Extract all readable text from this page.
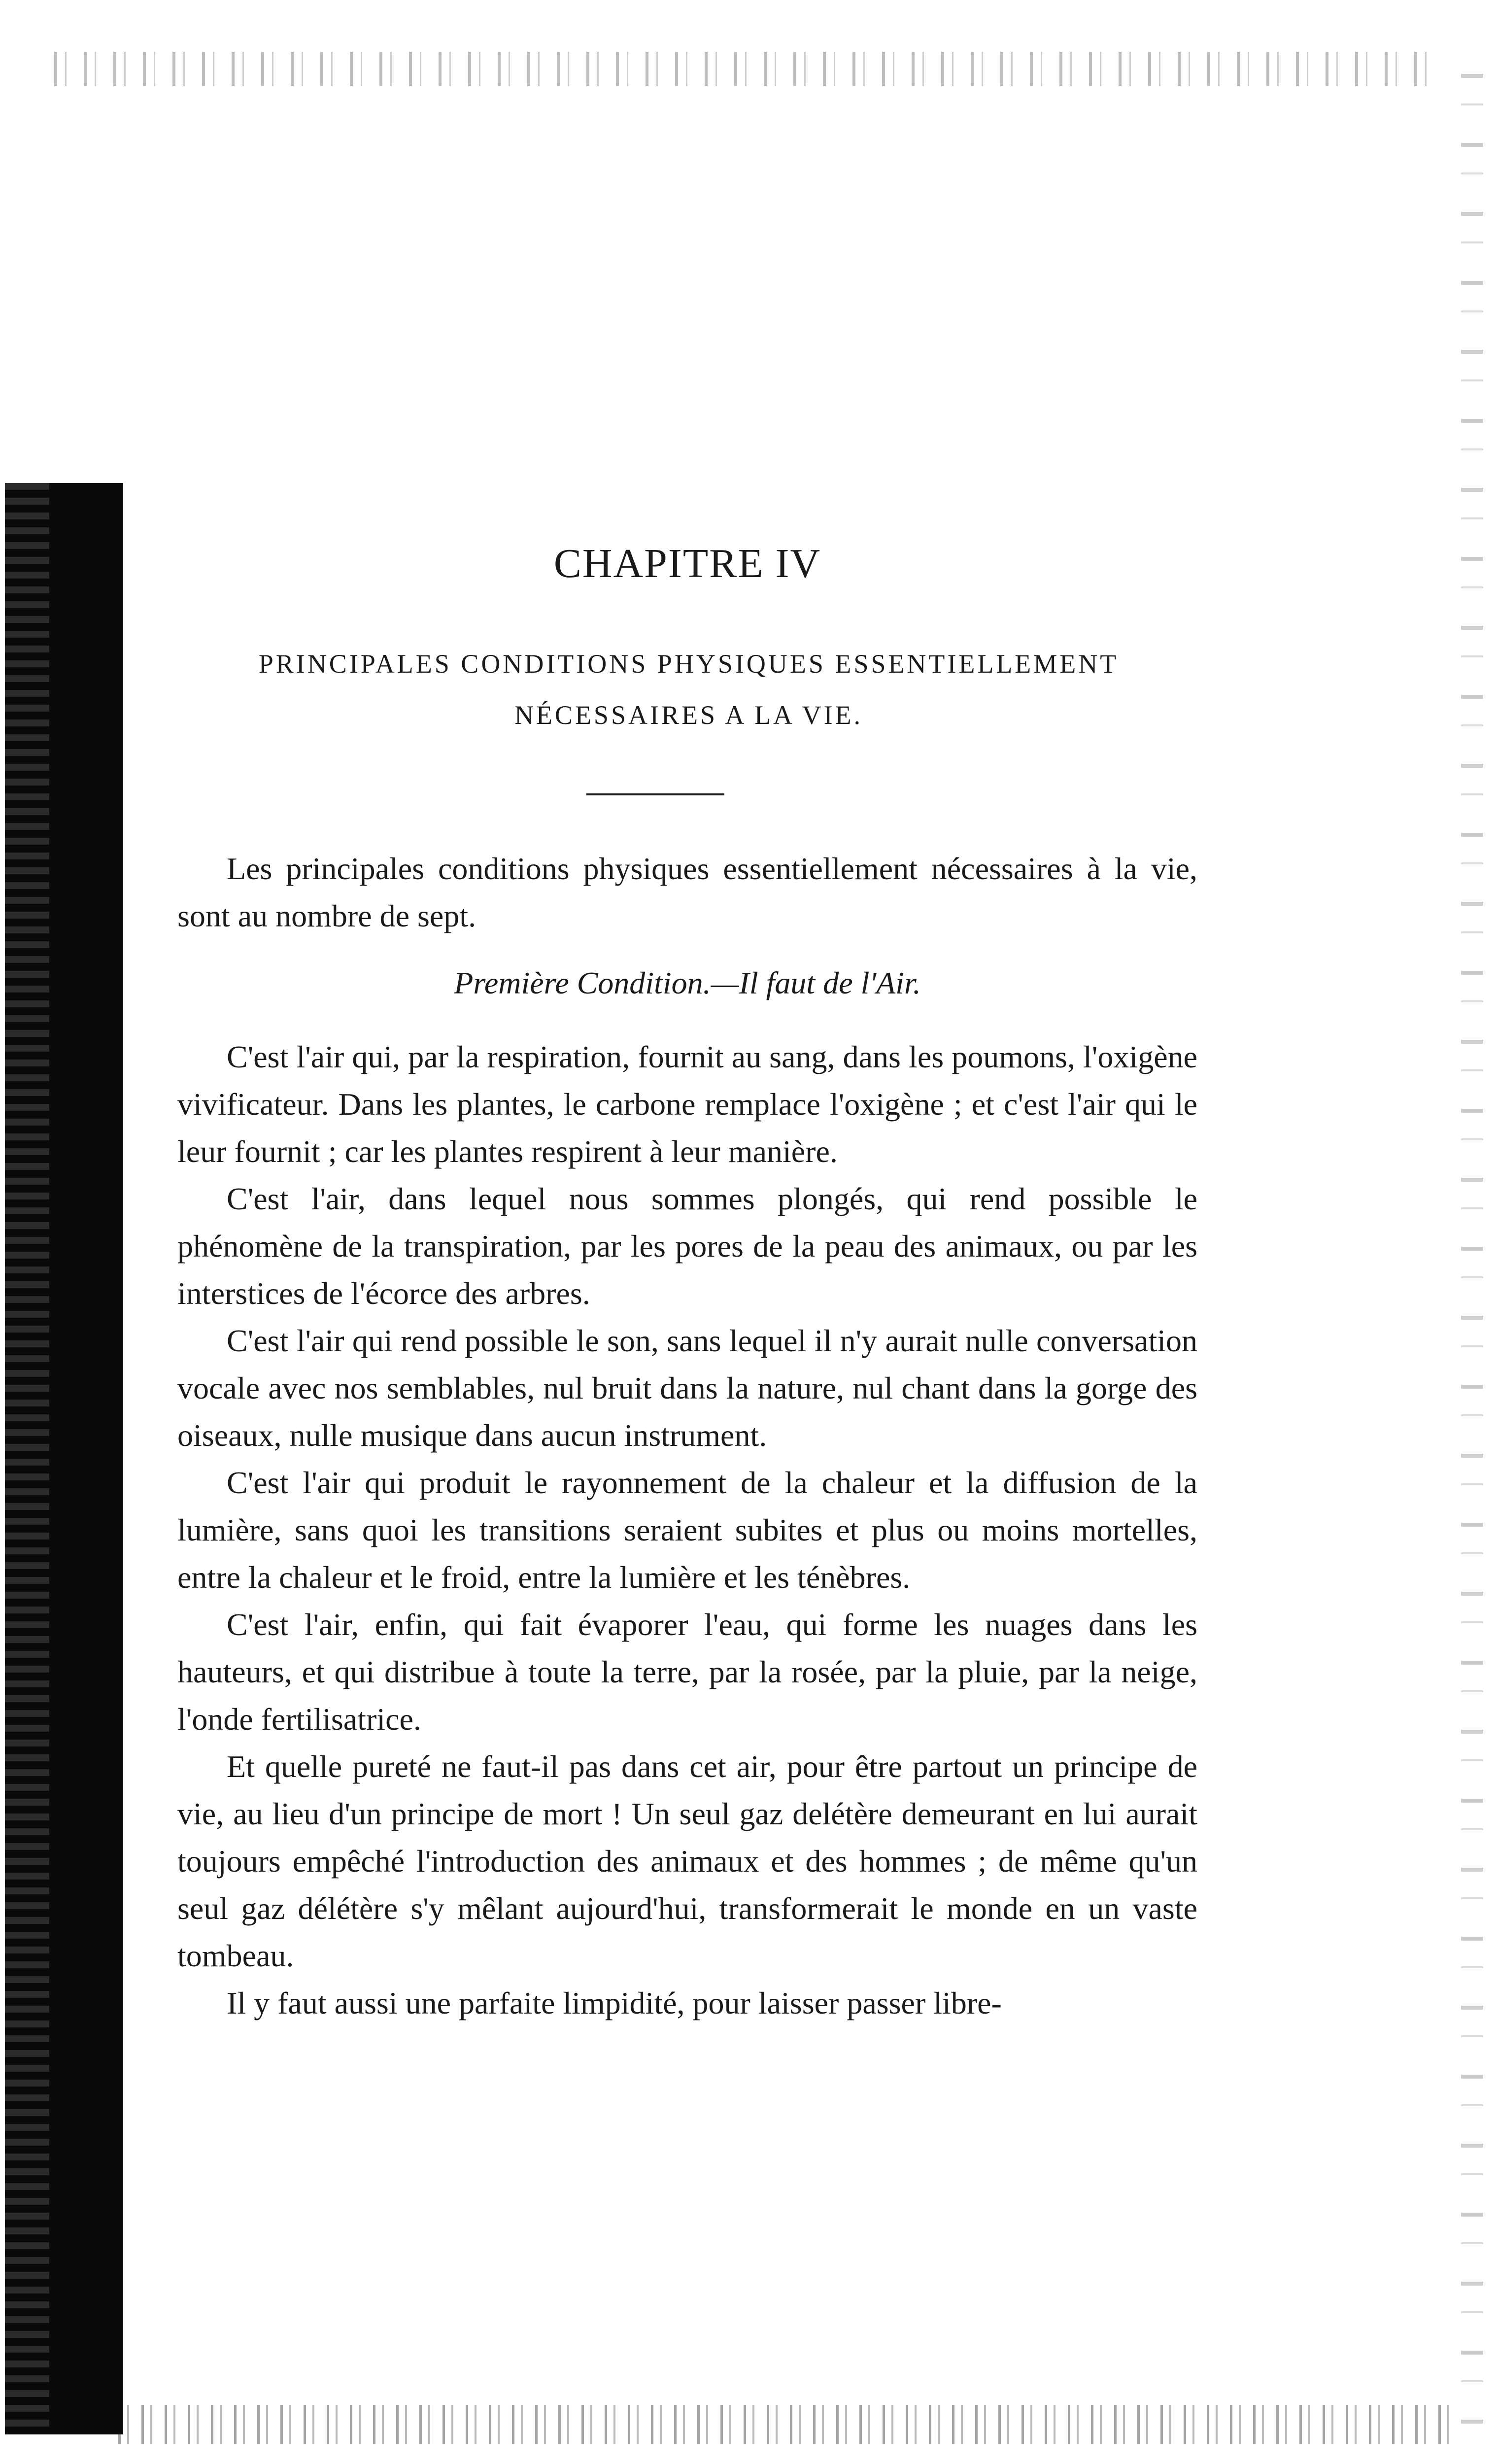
CHAPITRE IV
PRINCIPALES CONDITIONS PHYSIQUES ESSENTIELLEMENT
NÉCESSAIRES A LA VIE.

Les principales conditions physiques essentiellement nécessaires à la vie, sont au nombre de sept.

Première Condition.—Il faut de l'Air.

C'est l'air qui, par la respiration, fournit au sang, dans les poumons, l'oxigène vivificateur. Dans les plantes, le carbone remplace l'oxigène ; et c'est l'air qui le leur fournit ; car les plantes respirent à leur manière.

C'est l'air, dans lequel nous sommes plongés, qui rend possible le phénomène de la transpiration, par les pores de la peau des animaux, ou par les interstices de l'écorce des arbres.

C'est l'air qui rend possible le son, sans lequel il n'y aurait nulle conversation vocale avec nos semblables, nul bruit dans la nature, nul chant dans la gorge des oiseaux, nulle musique dans aucun instrument.

C'est l'air qui produit le rayonnement de la chaleur et la diffusion de la lumière, sans quoi les transitions seraient subites et plus ou moins mortelles, entre la chaleur et le froid, entre la lumière et les ténèbres.

C'est l'air, enfin, qui fait évaporer l'eau, qui forme les nuages dans les hauteurs, et qui distribue à toute la terre, par la rosée, par la pluie, par la neige, l'onde fertilisatrice.

Et quelle pureté ne faut-il pas dans cet air, pour être partout un principe de vie, au lieu d'un principe de mort ! Un seul gaz delétère demeurant en lui aurait toujours empêché l'introduction des animaux et des hommes ; de même qu'un seul gaz délétère s'y mêlant aujourd'hui, transformerait le monde en un vaste tombeau.

Il y faut aussi une parfaite limpidité, pour laisser passer libre-
